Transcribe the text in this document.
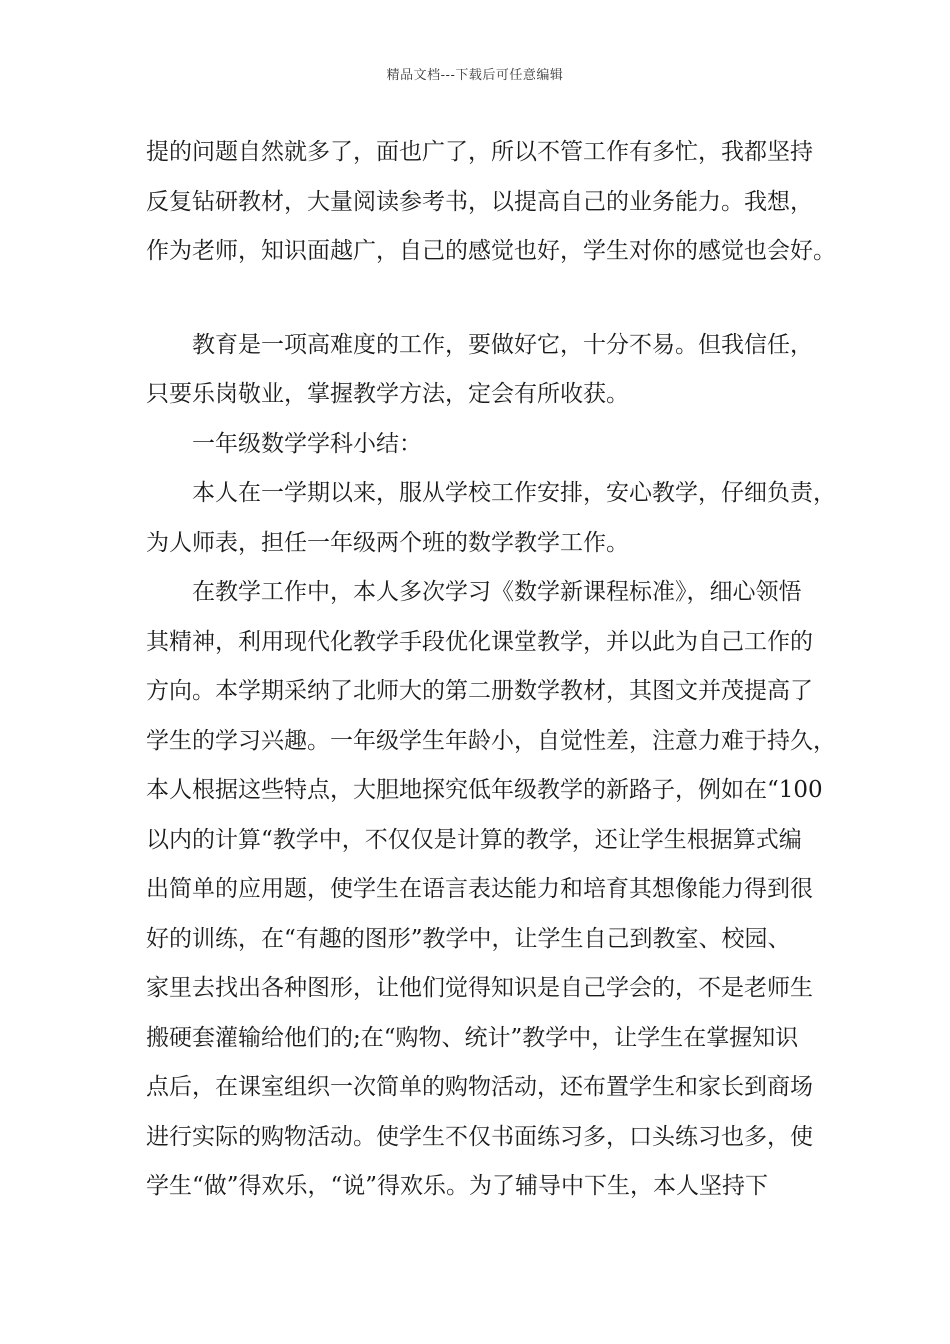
精品文档---下载后可任意编辑
提的问题自然就多了，面也广了，所以不管工作有多忙，我都坚持
反复钻研教材，大量阅读参考书，以提高自己的业务能力。我想，
作为老师，知识面越广，自己的感觉也好，学生对你的感觉也会好。
教育是一项高难度的工作，要做好它，十分不易。但我信任，
只要乐岗敬业，掌握教学方法，定会有所收获。
一年级数学学科小结：
本人在一学期以来，服从学校工作安排，安心教学，仔细负责，
为人师表，担任一年级两个班的数学教学工作。
在教学工作中，本人多次学习《数学新课程标准》，细心领悟
其精神，利用现代化教学手段优化课堂教学，并以此为自己工作的
方向。本学期采纳了北师大的第二册数学教材，其图文并茂提高了
学生的学习兴趣。一年级学生年龄小，自觉性差，注意力难于持久，
本人根据这些特点，大胆地探究低年级教学的新路子，例如在“100
以内的计算“教学中，不仅仅是计算的教学，还让学生根据算式编
出简单的应用题，使学生在语言表达能力和培育其想像能力得到很
好的训练，在“有趣的图形”教学中，让学生自己到教室、校园、
家里去找出各种图形，让他们觉得知识是自己学会的，不是老师生
搬硬套灌输给他们的;在“购物、统计”教学中，让学生在掌握知识
点后，在课室组织一次简单的购物活动，还布置学生和家长到商场
进行实际的购物活动。使学生不仅书面练习多，口头练习也多，使
学生“做”得欢乐，“说”得欢乐。为了辅导中下生，本人坚持下
